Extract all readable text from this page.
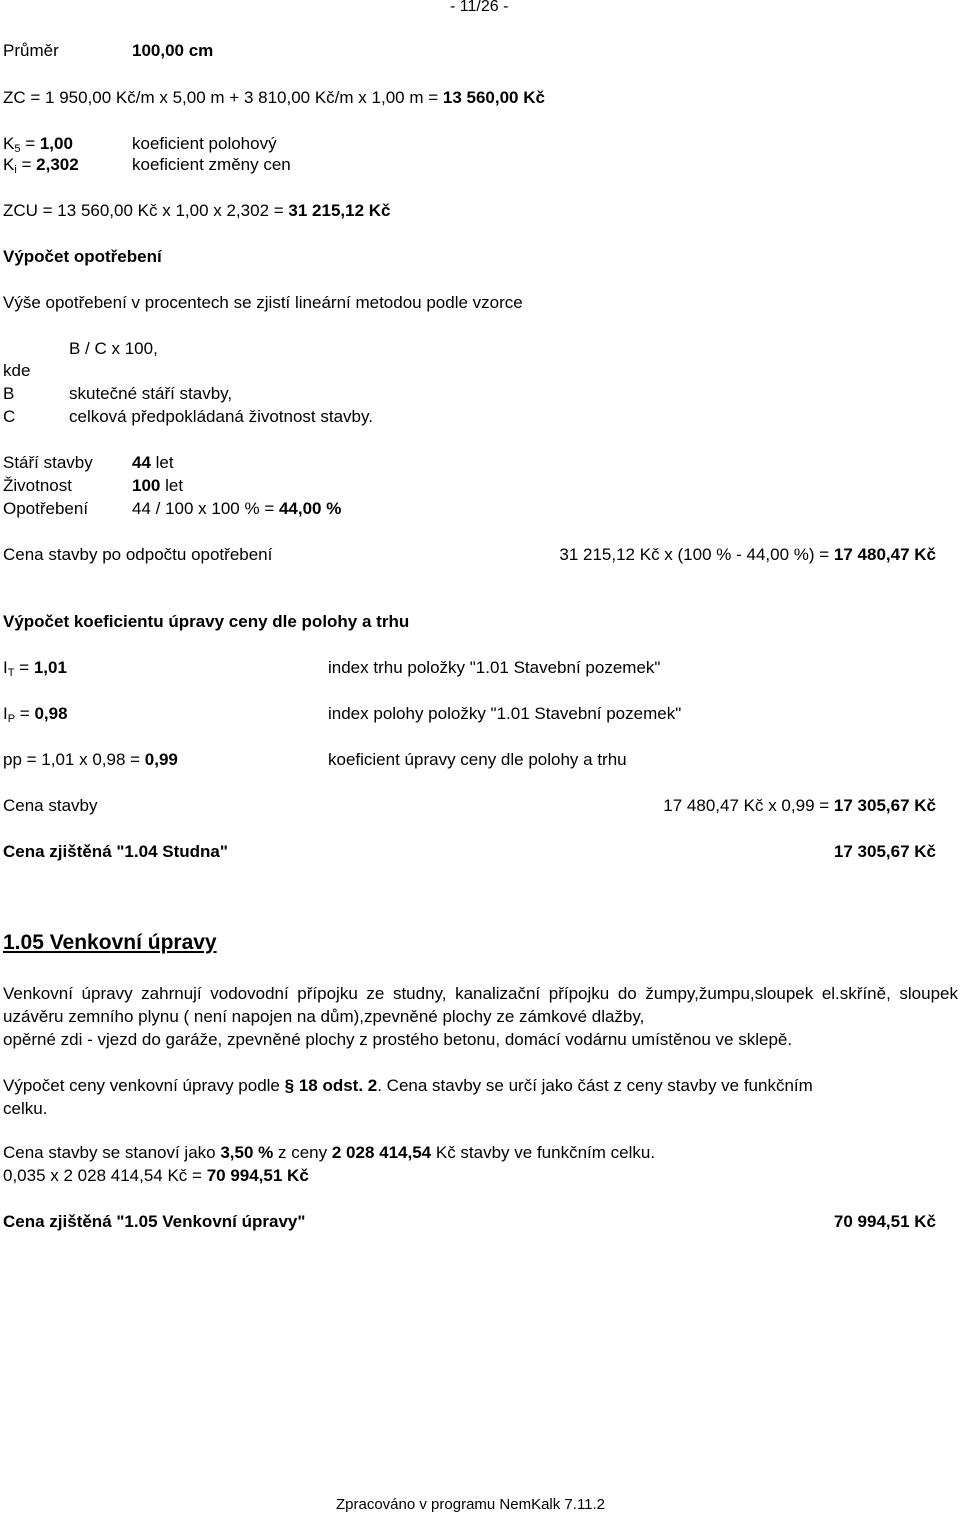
- 11/26 -
Průměr	100,00 cm
ZC = 1 950,00 Kč/m x 5,00 m + 3 810,00 Kč/m x 1,00 m = 13 560,00 Kč
$K_5 = 1,00$	koeficient polohový
$K_i = 2,302$	koeficient změny cen
ZCU = 13 560,00 Kč x 1,00 x 2,302 = 31 215,12 Kč
Výpočet opotřebení
Výše opotřebení v procentech se zjistí lineární metodou podle vzorce
B / C x 100,
kde
B	skutečné stáří stavby,
C	celková předpokládaná životnost stavby.
Stáří stavby 44 let
Životnost	100 let
Opotřebení	44 / 100 x 100 % = 44,00 %
Cena stavby po odpočtu opotřebení	31 215,12 Kč x (100 % - 44,00 %) = 17 480,47 Kč
Výpočet koeficientu úpravy ceny dle polohy a trhu
$I_T = 1,01$	index trhu položky "1.01 Stavební pozemek"
$I_P = 0,98$	index polohy položky "1.01 Stavební pozemek"
pp = 1,01 x 0,98 = 0,99	koeficient úpravy ceny dle polohy a trhu
Cena stavby	17 480,47 Kč x 0,99 = 17 305,67 Kč
Cena zjištěná "1.04 Studna"	17 305,67 Kč
1.05 Venkovní úpravy
Venkovní úpravy zahrnují vodovodní přípojku ze studny, kanalizační přípojku do žumpy,žumpu,sloupek el.skříně, sloupek uzávěru zemního plynu ( není napojen na dům),zpevněné plochy ze zámkové dlažby,
opěrné zdi - vjezd do garáže, zpevněné plochy z prostého betonu, domácí vodárnu umístěnou ve sklepě.
Výpočet ceny venkovní úpravy podle § 18 odst. 2. Cena stavby se určí jako část z ceny stavby ve funkčním
celku.
Cena stavby se stanoví jako 3,50 % z ceny 2 028 414,54 Kč stavby ve funkčním celku.
0,035 x 2 028 414,54 Kč = 70 994,51 Kč
Cena zjištěná "1.05 Venkovní úpravy"	70 994,51 Kč
Zpracováno v programu NemKalk 7.11.2
